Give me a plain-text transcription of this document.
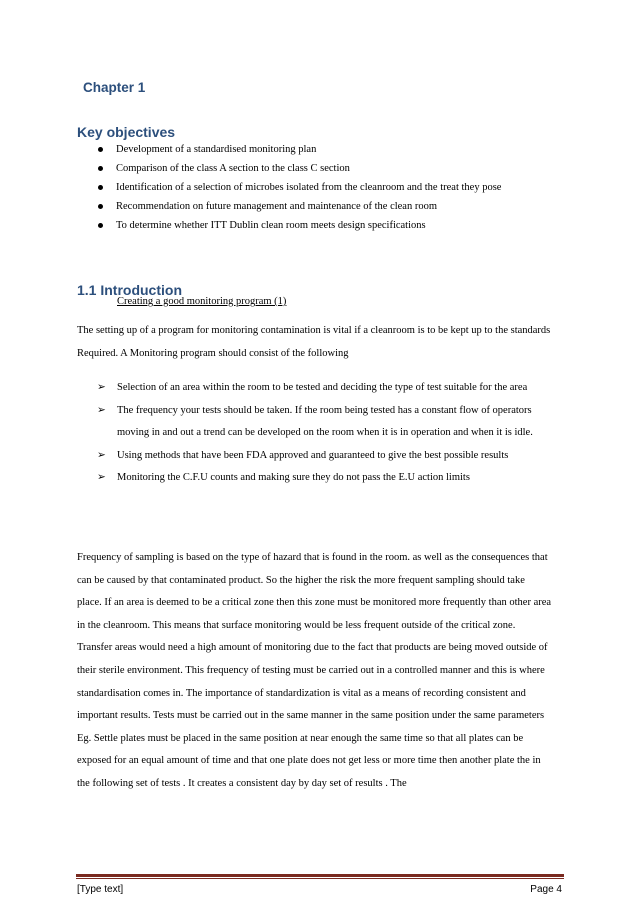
Chapter 1
Key objectives
Development of a standardised monitoring plan
Comparison of the class A section to the class C section
Identification of a selection of microbes isolated from the cleanroom and the treat they pose
Recommendation on future management and maintenance of the clean room
To determine whether ITT Dublin clean room meets design specifications
1.1 Introduction
Creating a good monitoring program (1)

The setting up of a program for monitoring contamination is vital if a cleanroom is to be kept up to the standards Required. A Monitoring program should consist of the following

➢ Selection of an area within the room to be tested and deciding the type of test suitable for the area
➢ The frequency your tests should be taken. If the room being tested has a constant flow of operators moving in and out a trend can be developed on the room when it is in operation and when it is idle.
➢ Using methods that have been FDA approved and guaranteed to give the best possible results
➢ Monitoring the C.F.U counts and making sure they do not pass the E.U action limits

Frequency of sampling is based on the type of hazard that is found in the room. as well as the consequences that can be caused by that contaminated product. So the higher the risk the more frequent sampling should take place. If an area is deemed to be a critical zone then this zone must be monitored more frequently than other area in the cleanroom. This means that surface monitoring would be less frequent outside of the critical zone. Transfer areas would need a high amount of monitoring due to the fact that products are being moved outside of their sterile environment. This frequency of testing must be carried out in a controlled manner and this is where standardisation comes in. The importance of standardization is vital as a means of recording consistent and important results. Tests must be carried out in the same manner in the same position under the same parameters Eg. Settle plates must be placed in the same position at near enough the same time so that all plates can be exposed for an equal amount of time and that one plate does not get less or more time then another plate the in the following set of tests . It creates a consistent day by day set of results . The

[Type text]	Page 4
